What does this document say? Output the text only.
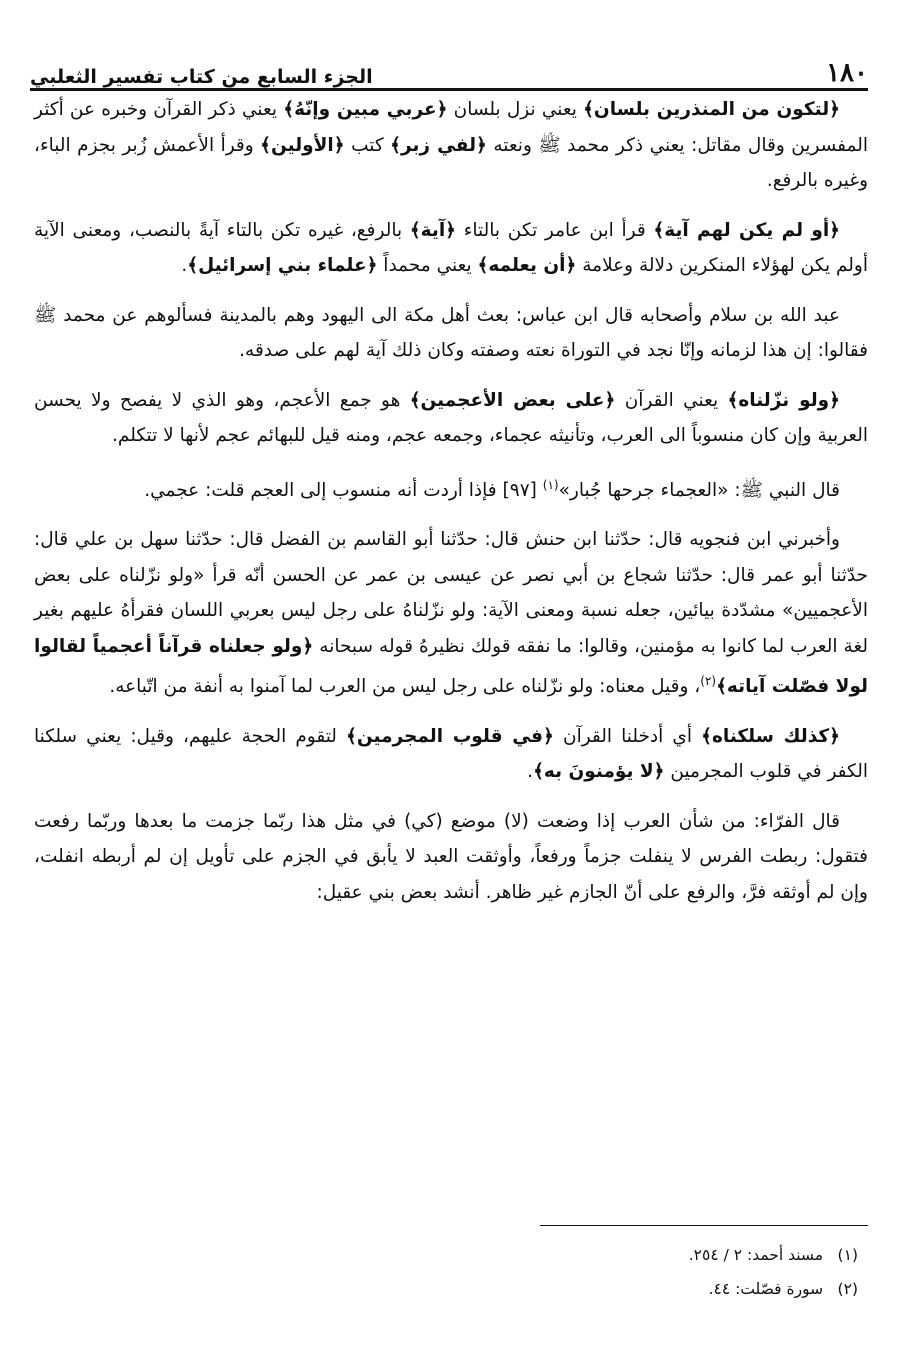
١٨٠
الجزء السابع من كتاب تفسير الثعلبي

﴿لتكون من المنذرين بلسان﴾ يعني نزل بلسان ﴿عربي مبين وإنّهُ﴾ يعني ذكر القرآن وخبره عن أكثر المفسرين وقال مقاتل: يعني ذكر محمد ﷺ ونعته ﴿لفي زبر﴾ كتب ﴿الأولين﴾ وقرأ الأعمش زُبر بجزم الباء، وغيره بالرفع.

﴿أو لم يكن لهم آية﴾ قرأ ابن عامر تكن بالتاء ﴿آية﴾ بالرفع، غيره تكن بالتاء آيةً بالنصب، ومعنى الآية أولم يكن لهؤلاء المنكرين دلالة وعلامة ﴿أن يعلمه﴾ يعني محمداً ﴿علماء بني إسرائيل﴾.

عبد الله بن سلام وأصحابه قال ابن عباس: بعث أهل مكة الى اليهود وهم بالمدينة فسألوهم عن محمد ﷺ فقالوا: إن هذا لزمانه وإنّا نجد في التوراة نعته وصفته وكان ذلك آية لهم على صدقه.

﴿ولو نزّلناه﴾ يعني القرآن ﴿على بعض الأعجمين﴾ هو جمع الأعجم، وهو الذي لا يفصح ولا يحسن العربية وإن كان منسوباً الى العرب، وتأنيثه عجماء، وجمعه عجم، ومنه قيل للبهائم عجم لأنها لا تتكلم.

قال النبي ﷺ: «العجماء جرحها جُبار»$^{(١)}$ [٩٧] فإذا أردت أنه منسوب إلى العجم قلت: عجمي.

وأخبرني ابن فنجويه قال: حدّثنا ابن حنش قال: حدّثنا أبو القاسم بن الفضل قال: حدّثنا سهل بن علي قال: حدّثنا أبو عمر قال: حدّثنا شجاع بن أبي نصر عن عيسى بن عمر عن الحسن أنّه قرأ «ولو نزّلناه على بعض الأعجميين» مشدّدة بيائين، جعله نسبة ومعنى الآية: ولو نزّلناهُ على رجل ليس بعربي اللسان فقرأهُ عليهم بغير لغة العرب لما كانوا به مؤمنين، وقالوا: ما نفقه قولك نظيرهُ قوله سبحانه ﴿ولو جعلناه قرآناً أعجمياً لقالوا لولا فصّلت آياته﴾$^{(٢)}$، وقيل معناه: ولو نزّلناه على رجل ليس من العرب لما آمنوا به أنفة من اتّباعه.

﴿كذلك سلكناه﴾ أي أدخلنا القرآن ﴿في قلوب المجرمين﴾ لتقوم الحجة عليهم، وقيل: يعني سلكنا الكفر في قلوب المجرمين ﴿لا يؤمنونَ به﴾.

قال الفرّاء: من شأن العرب إذا وضعت (لا) موضع (كي) في مثل هذا ربّما جزمت ما بعدها وربّما رفعت فتقول: ربطت الفرس لا ينفلت جزماً ورفعاً، وأوثقت العبد لا يأبق في الجزم على تأويل إن لم أربطه انفلت، وإن لم أوثقه فرَّ، والرفع على أنّ الجازم غير ظاهر. أنشد بعض بني عقيل:

(١) مسند أحمد: ٢ / ٢٥٤.

(٢) سورة فصّلت: ٤٤.
